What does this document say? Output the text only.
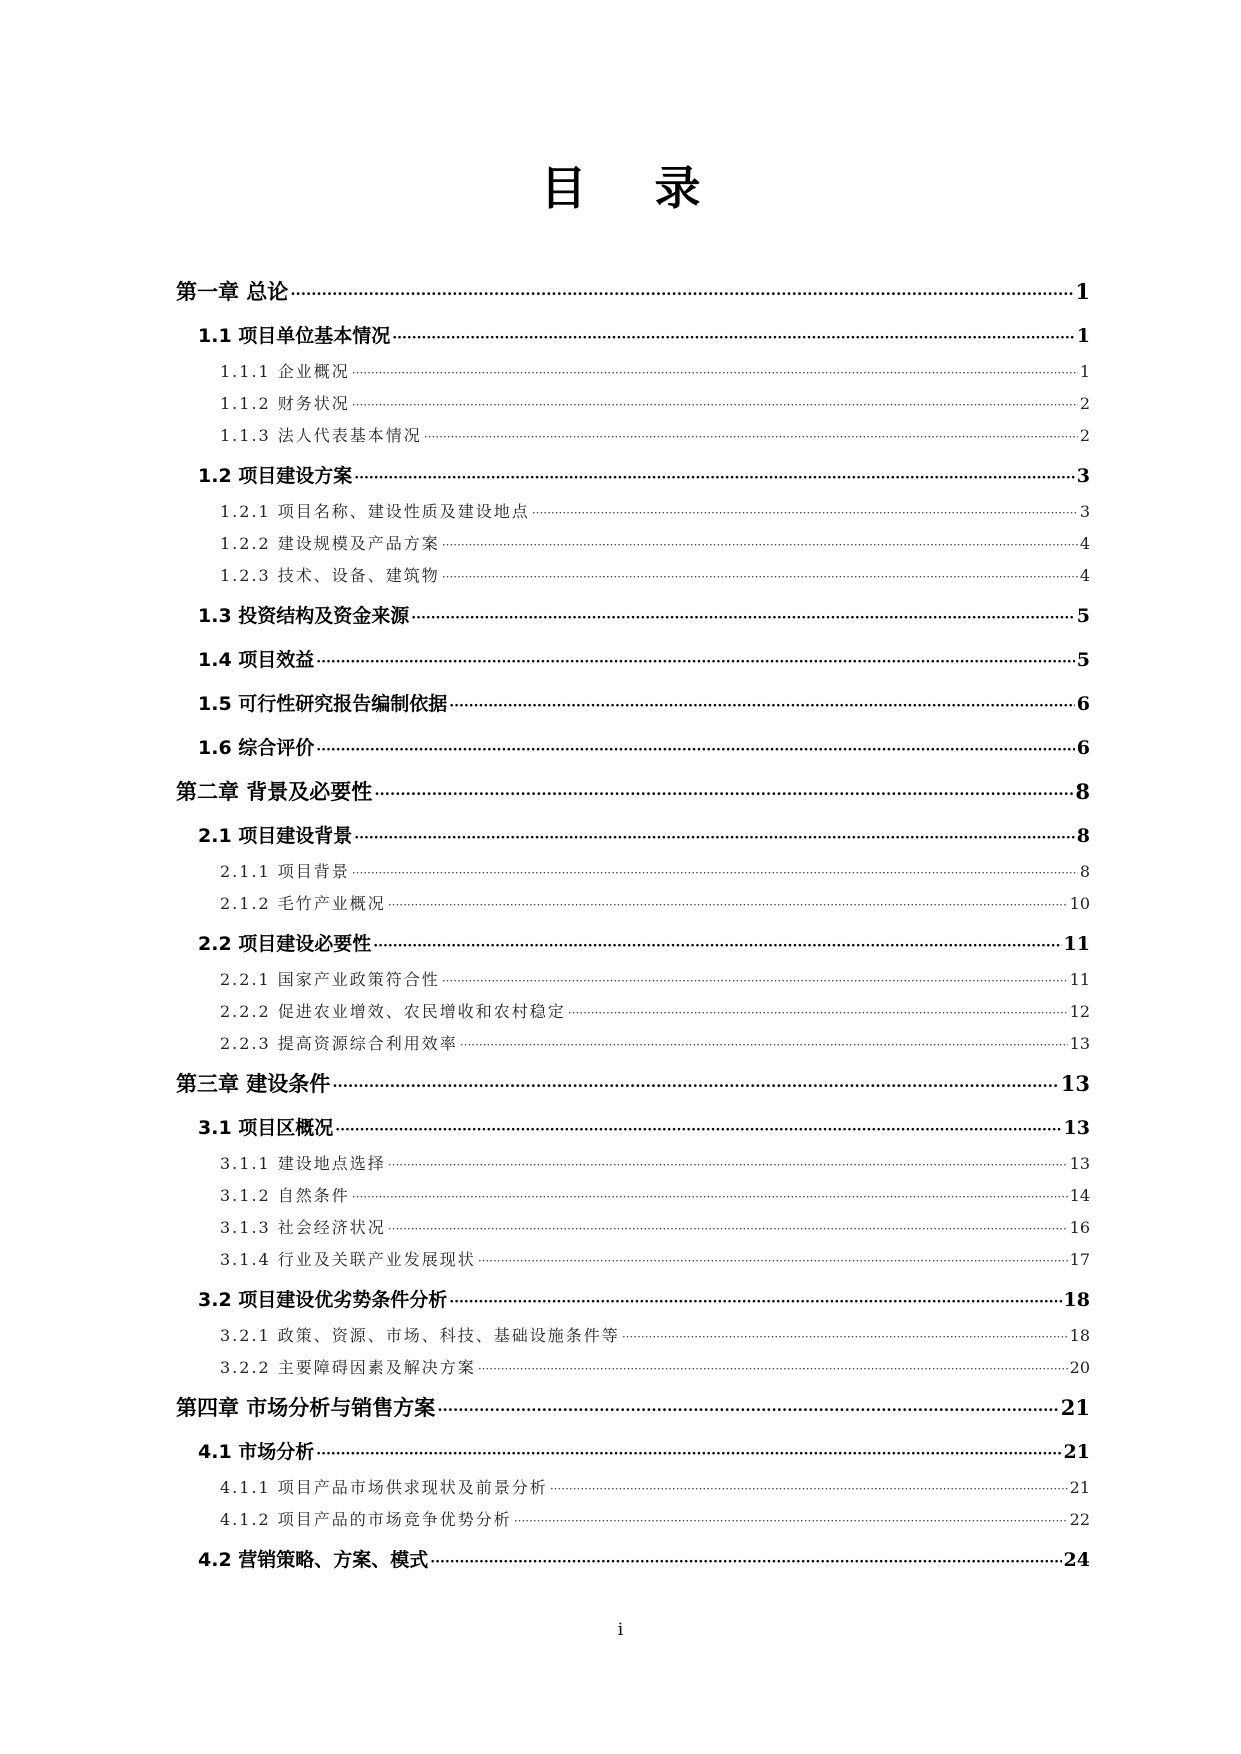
目 录
第一章 总论 ·····	1
1.1 项目单位基本情况 ·····	1
1.1.1 企业概况 ·····	1
1.1.2 财务状况 ·····	2
1.1.3 法人代表基本情况 ·····	2
1.2 项目建设方案 ·····	3
1.2.1 项目名称、建设性质及建设地点 ·····	3
1.2.2 建设规模及产品方案 ·····	4
1.2.3 技术、设备、建筑物 ·····	4
1.3 投资结构及资金来源 ·····	5
1.4 项目效益 ·····	5
1.5 可行性研究报告编制依据 ·····	6
1.6 综合评价 ·····	6
第二章 背景及必要性 ·····	8
2.1 项目建设背景 ·····	8
2.1.1 项目背景 ·····	8
2.1.2 毛竹产业概况 ·····	10
2.2 项目建设必要性 ·····	11
2.2.1 国家产业政策符合性 ·····	11
2.2.2 促进农业增效、农民增收和农村稳定 ·····	12
2.2.3 提高资源综合利用效率 ·····	13
第三章 建设条件 ·····	13
3.1 项目区概况 ·····	13
3.1.1 建设地点选择 ·····	13
3.1.2 自然条件 ·····	14
3.1.3 社会经济状况 ·····	16
3.1.4 行业及关联产业发展现状 ·····	17
3.2 项目建设优劣势条件分析 ·····	18
3.2.1 政策、资源、市场、科技、基础设施条件等 ·····	18
3.2.2 主要障碍因素及解决方案 ·····	20
第四章 市场分析与销售方案 ·····	21
4.1 市场分析 ·····	21
4.1.1 项目产品市场供求现状及前景分析 ·····	21
4.1.2 项目产品的市场竞争优势分析 ·····	22
4.2 营销策略、方案、模式 ·····	24
i
